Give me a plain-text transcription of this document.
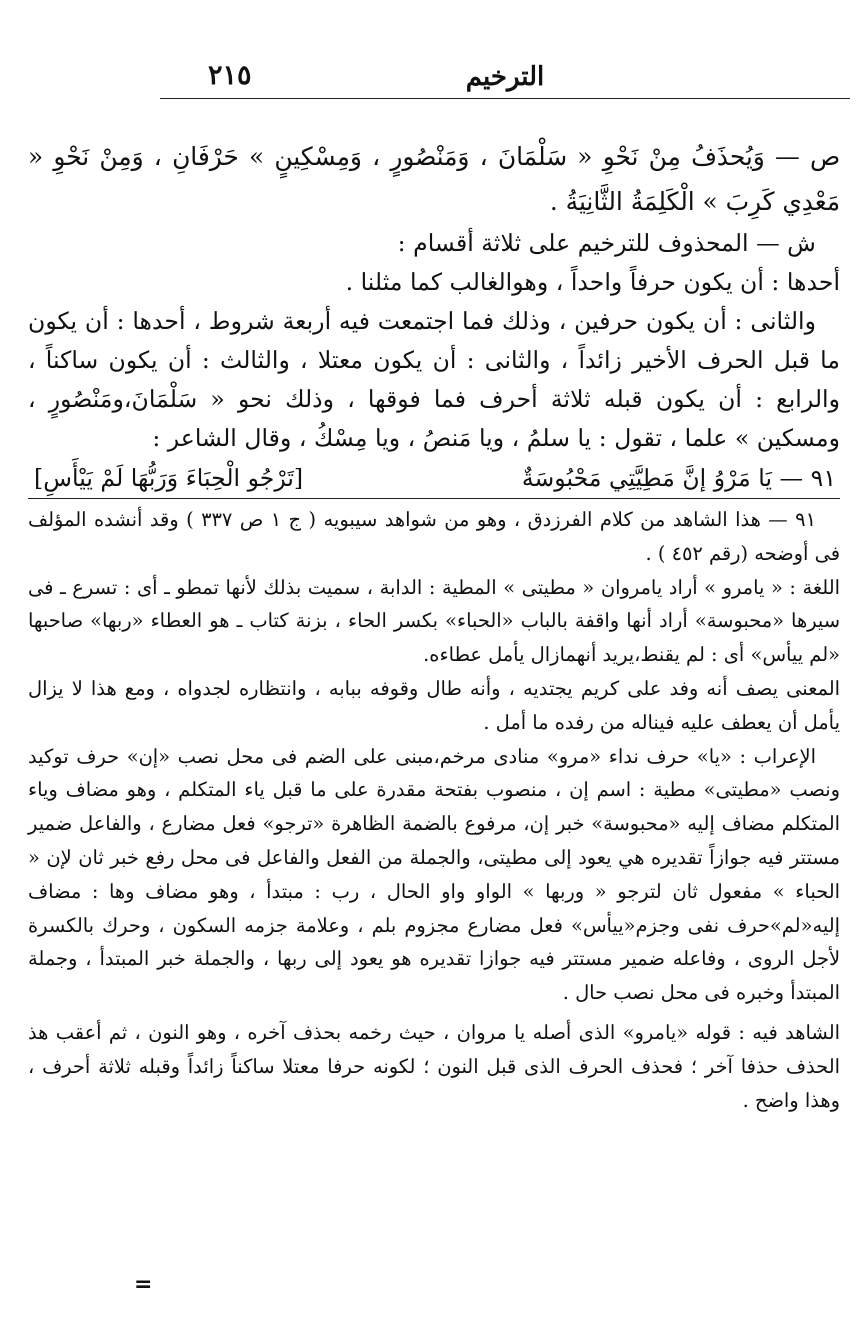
٢١٥	الترخيم

ص — وَيُحذَفُ مِنْ نَحْوِ « سَلْمَانَ ، وَمَنْصُورٍ ، وَمِسْكِينٍ » حَرْفَانِ ، وَمِنْ نَحْوِ « مَعْدِي كَرِبَ » الْكَلِمَةُ الثَّانِيَةُ .

ش — المحذوف للترخيم على ثلاثة أقسام :

أحدها : أن يكون حرفاً واحداً ، وهوالغالب كما مثلنا .

والثانى : أن يكون حرفين ، وذلك فما اجتمعت فيه أربعة شروط ، أحدها : أن يكون ما قبل الحرف الأخير زائداً ، والثانى : أن يكون معتلا ، والثالث : أن يكون ساكناً ، والرابع : أن يكون قبله ثلاثة أحرف فما فوقها ، وذلك نحو « سَلْمَانَ،ومَنْصُورٍ ، ومسكين » علما ، تقول : يا سلمُ ، ويا مَنصُ ، ويا مِسْكُ ، وقال الشاعر :

٩١ — يَا مَرْوُ إنَّ مَطِيَّتِي مَحْبُوسَةٌ
[تَرْجُو الْحِبَاءَ وَرَبُّهَا لَمْ يَيْأَسِ]

٩١ — هذا الشاهد من كلام الفرزدق ، وهو من شواهد سيبويه ( ج ١ ص ٣٣٧ ) وقد أنشده المؤلف فى أوضحه (رقم ٤٥٢ ) .

اللغة : « يامرو » أراد يامروان « مطيتى » المطية : الدابة ، سميت بذلك لأنها تمطو ـ أى : تسرع ـ فى سيرها «محبوسة» أراد أنها واقفة بالباب «الحباء» بكسر الحاء ، بزنة كتاب ـ هو العطاء «ربها» صاحبها «لم ييأس» أى : لم يقنط،يريد أنهمازال يأمل عطاءه.

المعنى يصف أنه وفد على كريم يجتديه ، وأنه طال وقوفه ببابه ، وانتظاره لجدواه ، ومع هذا لا يزال يأمل أن يعطف عليه فيناله من رفده ما أمل .

الإعراب : «يا» حرف نداء «مرو» منادى مرخم،مبنى على الضم فى محل نصب «إن» حرف توكيد ونصب «مطيتى» مطية : اسم إن ، منصوب بفتحة مقدرة على ما قبل ياء المتكلم ، وهو مضاف وياء المتكلم مضاف إليه «محبوسة» خبر إن، مرفوع بالضمة الظاهرة «ترجو» فعل مضارع ، والفاعل ضمير مستتر فيه جوازاً تقديره هي يعود إلى مطيتى، والجملة من الفعل والفاعل فى محل رفع خبر ثان لإن « الحباء » مفعول ثان لترجو « وربها » الواو واو الحال ، رب : مبتدأ ، وهو مضاف وها : مضاف إليه«لم»حرف نفى وجزم«ييأس» فعل مضارع مجزوم بلم ، وعلامة جزمه السكون ، وحرك بالكسرة لأجل الروى ، وفاعله ضمير مستتر فيه جوازا تقديره هو يعود إلى ربها ، والجملة خبر المبتدأ ، وجملة المبتدأ وخبره فى محل نصب حال .

الشاهد فيه : قوله «يامرو» الذى أصله يا مروان ، حيث رخمه بحذف آخره ، وهو النون ، ثم أعقب هذ الحذف حذفا آخر ؛ فحذف الحرف الذى قبل النون ؛ لكونه حرفا معتلا ساكناً زائداً وقبله ثلاثة أحرف ، وهذا واضح .

=
